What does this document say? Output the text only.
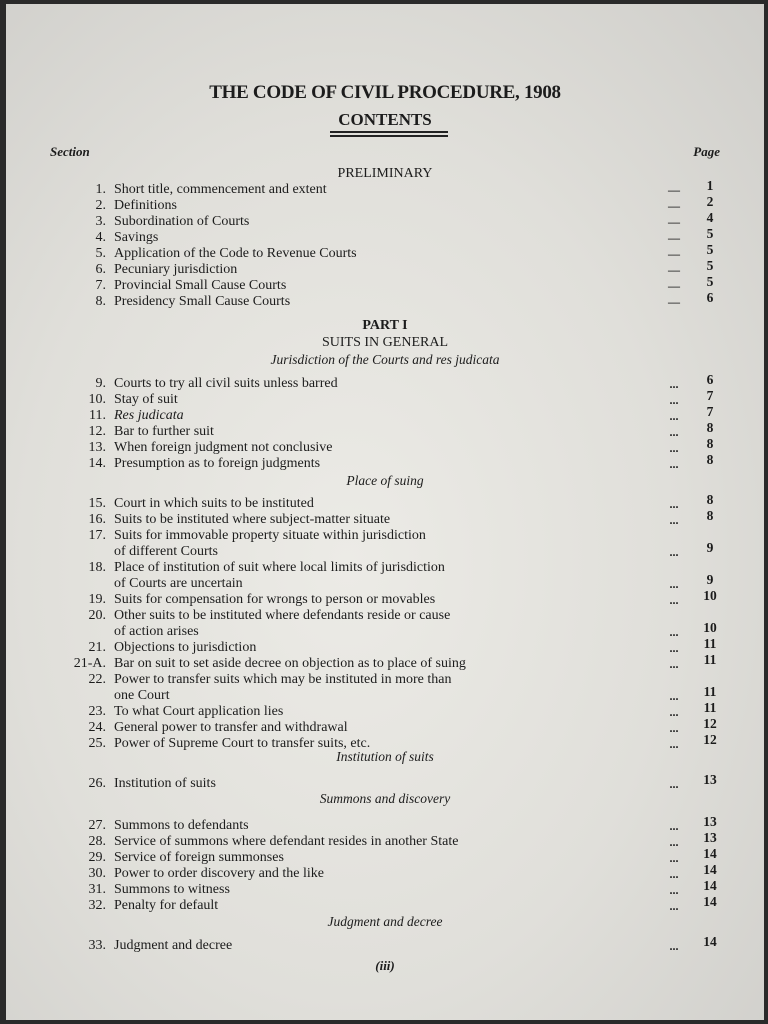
THE CODE OF CIVIL PROCEDURE, 1908
CONTENTS
Section	Page
PRELIMINARY
PART I
SUITS IN GENERAL
Jurisdiction of the Courts and res judicata
Place of suing
Institution of suits
Summons and discovery
Judgment and decree
1. Short title, commencement and extent	—	1
2. Definitions	—	2
3. Subordination of Courts	—	4
4. Savings	—	5
5. Application of the Code to Revenue Courts	—	5
6. Pecuniary jurisdiction	—	5
7. Provincial Small Cause Courts	—	5
8. Presidency Small Cause Courts	—	6
9. Courts to try all civil suits unless barred	...	6
10. Stay of suit	...	7
11. Res judicata	...	7
12. Bar to further suit	...	8
13. When foreign judgment not conclusive	...	8
14. Presumption as to foreign judgments	...	8
15. Court in which suits to be instituted	...	8
16. Suits to be instituted where subject-matter situate	...	8
17. Suits for immovable property situate within jurisdiction
of different Courts	...	9
18. Place of institution of suit where local limits of jurisdiction
of Courts are uncertain	...	9
19. Suits for compensation for wrongs to person or movables	...	10
20. Other suits to be instituted where defendants reside or cause
of action arises	...	10
21. Objections to jurisdiction	...	11
21-A. Bar on suit to set aside decree on objection as to place of suing	...	11
22. Power to transfer suits which may be instituted in more than
one Court	...	11
23. To what Court application lies	...	11
24. General power to transfer and withdrawal	...	12
25. Power of Supreme Court to transfer suits, etc.	...	12
26. Institution of suits	...	13
27. Summons to defendants	...	13
28. Service of summons where defendant resides in another State	...	13
29. Service of foreign summonses	...	14
30. Power to order discovery and the like	...	14
31. Summons to witness	...	14
32. Penalty for default	...	14
33. Judgment and decree	...	14
(iii)
